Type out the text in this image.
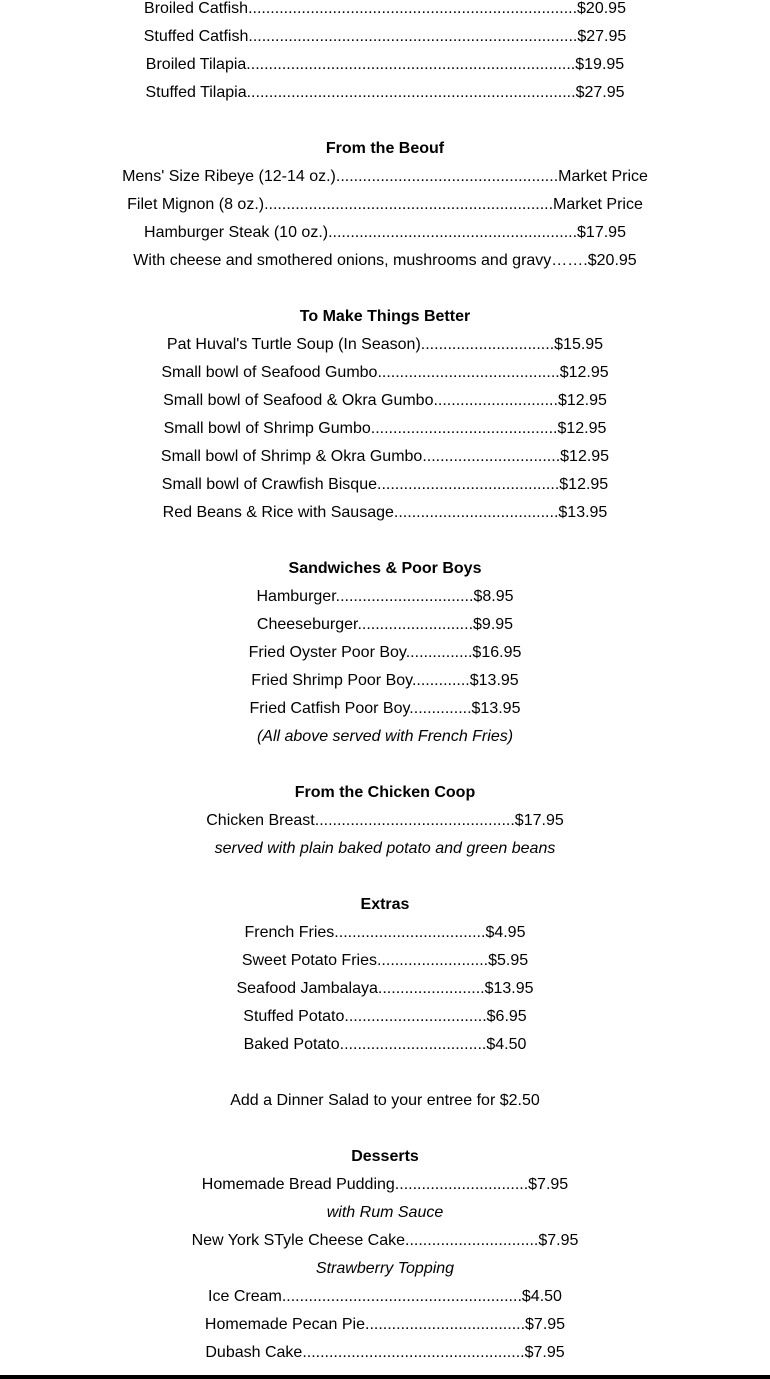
Broiled Catfish..........................................................................$20.95
Stuffed Catfish..........................................................................$27.95
Broiled Tilapia..........................................................................$19.95
Stuffed Tilapia..........................................................................$27.95
From the Beouf
Mens' Size Ribeye (12-14 oz.)..................................................Market Price
Filet Mignon (8 oz.).................................................................Market Price
Hamburger Steak (10 oz.)........................................................$17.95
With cheese and smothered onions, mushrooms and gravy…….$20.95
To Make Things Better
Pat Huval's Turtle Soup (In Season)..............................$15.95
Small bowl of Seafood Gumbo.........................................$12.95
Small bowl of Seafood & Okra Gumbo............................$12.95
Small bowl of Shrimp Gumbo..........................................$12.95
Small bowl of Shrimp & Okra Gumbo...............................$12.95
Small bowl of Crawfish Bisque.........................................$12.95
Red Beans & Rice with Sausage.....................................$13.95
Sandwiches & Poor Boys
Hamburger...............................$8.95
Cheeseburger..........................$9.95
Fried Oyster Poor Boy...............$16.95
Fried Shrimp Poor Boy.............$13.95
Fried Catfish Poor Boy..............$13.95
(All above served with French Fries)
From the Chicken Coop
Chicken Breast.............................................$17.95
served with plain baked potato and green beans
Extras
French Fries..................................$4.95
Sweet Potato Fries.........................$5.95
Seafood Jambalaya........................$13.95
Stuffed Potato................................$6.95
Baked Potato.................................$4.50
Add a Dinner Salad to your entree for $2.50
Desserts
Homemade Bread Pudding..............................$7.95
with Rum Sauce
New York STyle Cheese Cake..............................$7.95
Strawberry Topping
Ice Cream......................................................$4.50
Homemade Pecan Pie....................................$7.95
Dubash Cake..................................................$7.95
